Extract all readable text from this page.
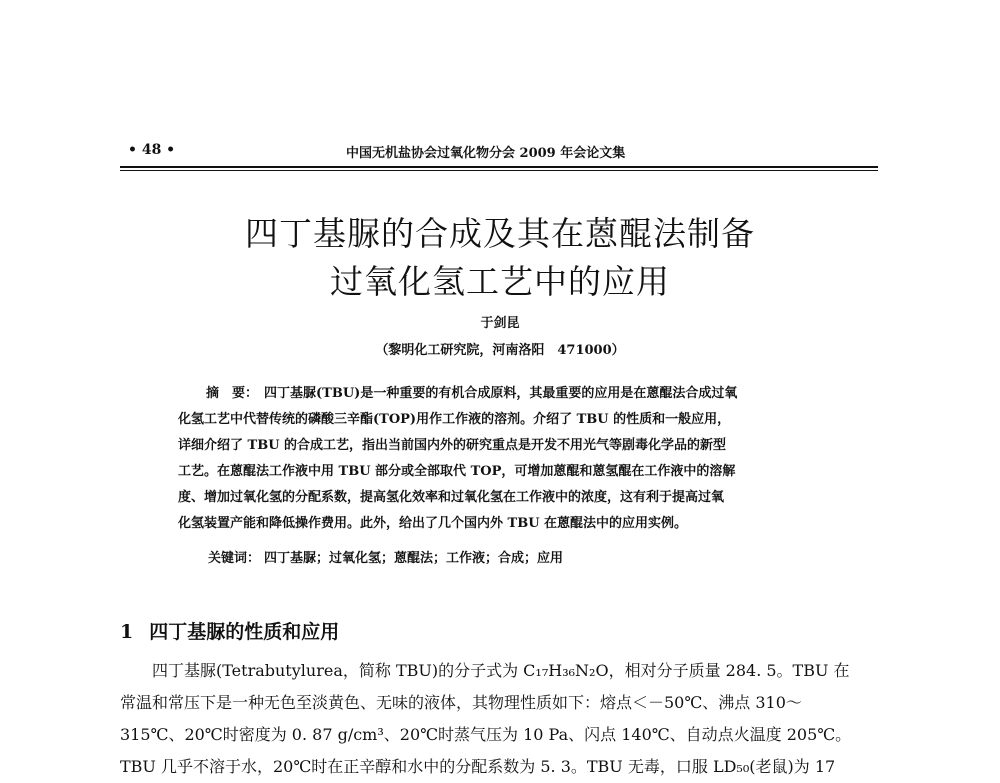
• 48 •	中国无机盐协会过氧化物分会 2009 年会论文集
四丁基脲的合成及其在蒽醌法制备
过氧化氢工艺中的应用
于剑昆
（黎明化工研究院，河南洛阳　471000）
摘　要： 四丁基脲(TBU)是一种重要的有机合成原料，其最重要的应用是在蒽醌法合成过氧
化氢工艺中代替传统的磷酸三辛酯(TOP)用作工作液的溶剂。介绍了 TBU 的性质和一般应用，
详细介绍了 TBU 的合成工艺，指出当前国内外的研究重点是开发不用光气等剧毒化学品的新型
工艺。在蒽醌法工作液中用 TBU 部分或全部取代 TOP，可增加蒽醌和蒽氢醌在工作液中的溶解
度、增加过氧化氢的分配系数，提高氢化效率和过氧化氢在工作液中的浓度，这有利于提高过氧
化氢装置产能和降低操作费用。此外，给出了几个国内外 TBU 在蒽醌法中的应用实例。
关键词： 四丁基脲；过氧化氢；蒽醌法；工作液；合成；应用
1 四丁基脲的性质和应用
四丁基脲(Tetrabutylurea，简称 TBU)的分子式为 C₁₇H₃₆N₂O，相对分子质量 284. 5。TBU 在
常温和常压下是一种无色至淡黄色、无味的液体，其物理性质如下：熔点＜－50℃、沸点 310～
315℃、20℃时密度为 0. 87 g/cm³、20℃时蒸气压为 10 Pa、闪点 140℃、自动点火温度 205℃。
TBU 几乎不溶于水，20℃时在正辛醇和水中的分配系数为 5. 3。TBU 无毒，口服 LD₅₀(老鼠)为 17
